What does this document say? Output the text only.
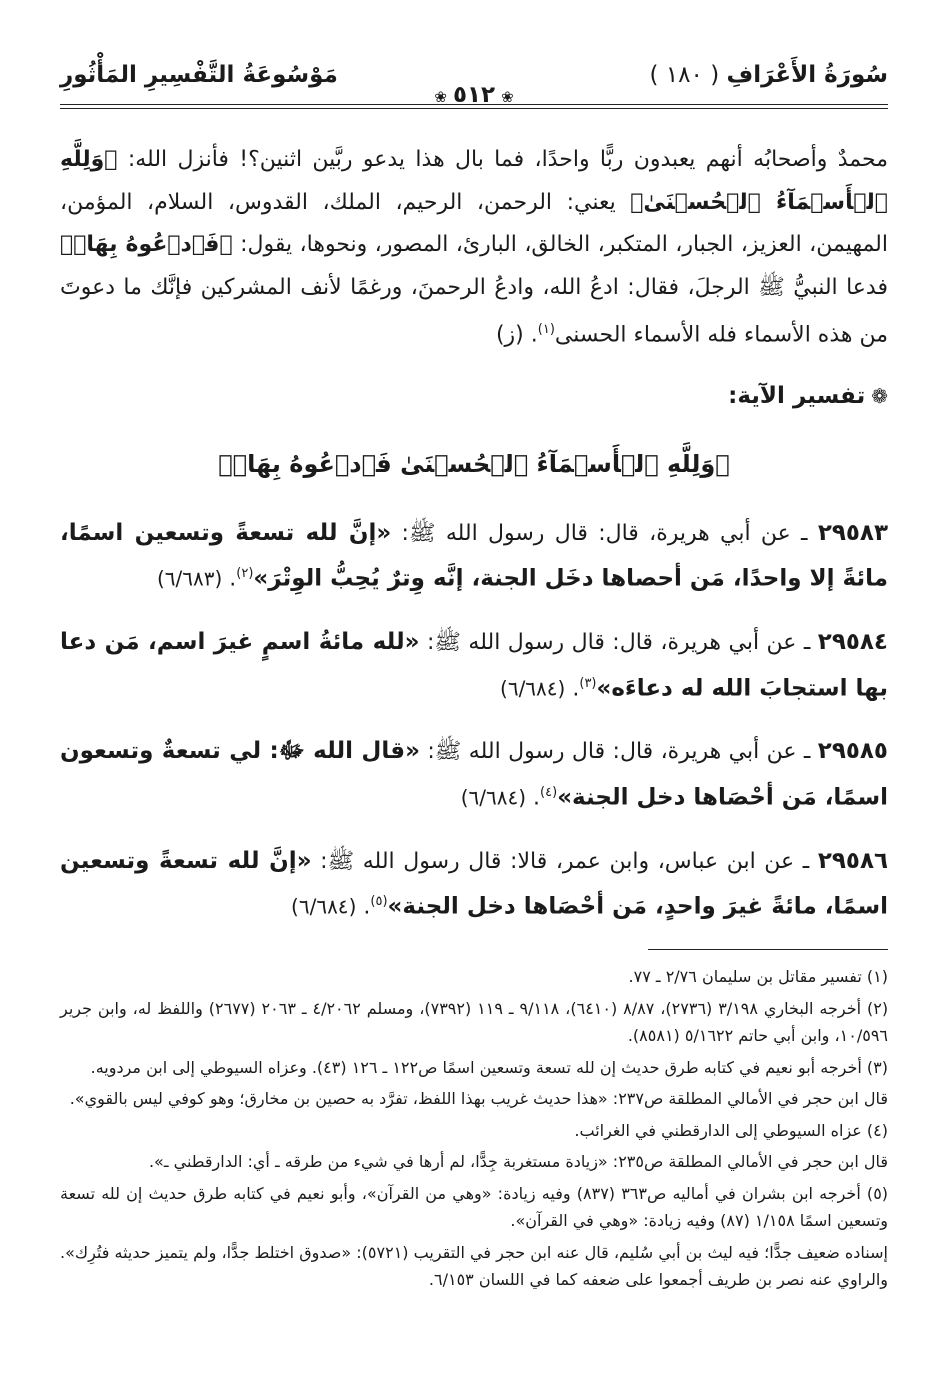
سُورَةُ الأَعْرَافِ ( ١٨٠ )
❀٥١٢❀
مَوْسُوعَةُ التَّفْسِيرِ المَأْثُورِ

محمدٌ وأصحابُه أنهم يعبدون ربًّا واحدًا، فما بال هذا يدعو ربَّين اثنين؟! فأنزل الله: ﴿وَلِلَّهِ ٱلۡأَسۡمَآءُ ٱلۡحُسۡنَىٰ﴾ يعني: الرحمن، الرحيم، الملك، القدوس، السلام، المؤمن، المهيمن، العزيز، الجبار، المتكبر، الخالق، البارئ، المصور، ونحوها، يقول: ﴿فَٱدۡعُوهُ بِهَاۖ﴾ فدعا النبيُّ ﷺ الرجلَ، فقال: ادعُ الله، وادعُ الرحمنَ، ورغمًا لأنف المشركين فإنَّك ما دعوتَ من هذه الأسماء فله الأسماء الحسنى$^{(١)}$. (ز)

❁تفسير الآية:
﴿وَلِلَّهِ ٱلۡأَسۡمَآءُ ٱلۡحُسۡنَىٰ فَٱدۡعُوهُ بِهَاۖ﴾

٢٩٥٨٣ ـ عن أبي هريرة، قال: قال رسول الله ﷺ: «إنَّ لله تسعةً وتسعين اسمًا، مائةً إلا واحدًا، مَن أحصاها دخَل الجنة، إنَّه وِترٌ يُحِبُّ الوِتْرَ»$^{(٢)}$. (٦/٦٨٣)

٢٩٥٨٤ ـ عن أبي هريرة، قال: قال رسول الله ﷺ: «لله مائةُ اسمٍ غيرَ اسم، مَن دعا بها استجابَ الله له دعاءَه»$^{(٣)}$. (٦/٦٨٤)

٢٩٥٨٥ ـ عن أبي هريرة، قال: قال رسول الله ﷺ: «قال الله ﷻ: لي تسعةٌ وتسعون اسمًا، مَن أحْصَاها دخل الجنة»$^{(٤)}$. (٦/٦٨٤)

٢٩٥٨٦ ـ عن ابن عباس، وابن عمر، قالا: قال رسول الله ﷺ: «إنَّ لله تسعةً وتسعين اسمًا، مائةً غيرَ واحدٍ، مَن أحْصَاها دخل الجنة»$^{(٥)}$. (٦/٦٨٤)

(١) تفسير مقاتل بن سليمان ٢/٧٦ ـ ٧٧.
(٢) أخرجه البخاري ٣/١٩٨ (٢٧٣٦)، ٨/٨٧ (٦٤١٠)، ٩/١١٨ ـ ١١٩ (٧٣٩٢)، ومسلم ٤/٢٠٦٢ ـ ٢٠٦٣ (٢٦٧٧) واللفظ له، وابن جرير ١٠/٥٩٦، وابن أبي حاتم ٥/١٦٢٢ (٨٥٨١).
(٣) أخرجه أبو نعيم في كتابه طرق حديث إن لله تسعة وتسعين اسمًا ص١٢٢ ـ ١٢٦ (٤٣). وعزاه السيوطي إلى ابن مردويه.
قال ابن حجر في الأمالي المطلقة ص٢٣٧: «هذا حديث غريب بهذا اللفظ، تفرَّد به حصين بن مخارق؛ وهو كوفي ليس بالقوي».
(٤) عزاه السيوطي إلى الدارقطني في الغرائب.
قال ابن حجر في الأمالي المطلقة ص٢٣٥: «زيادة مستغربة جِدًّا، لم أرها في شيء من طرقه ـ أي: الدارقطني ـ».
(٥) أخرجه ابن بشران في أماليه ص٣٦٣ (٨٣٧) وفيه زيادة: «وهي من القرآن»، وأبو نعيم في كتابه طرق حديث إن لله تسعة وتسعين اسمًا ١/١٥٨ (٨٧) وفيه زيادة: «وهي في القرآن».
إسناده ضعيف جدًّا؛ فيه ليث بن أبي سُليم، قال عنه ابن حجر في التقريب (٥٧٢١): «صدوق اختلط جدًّا، ولم يتميز حديثه فتُرِك». والراوي عنه نصر بن طريف أجمعوا على ضعفه كما في اللسان ٦/١٥٣.
